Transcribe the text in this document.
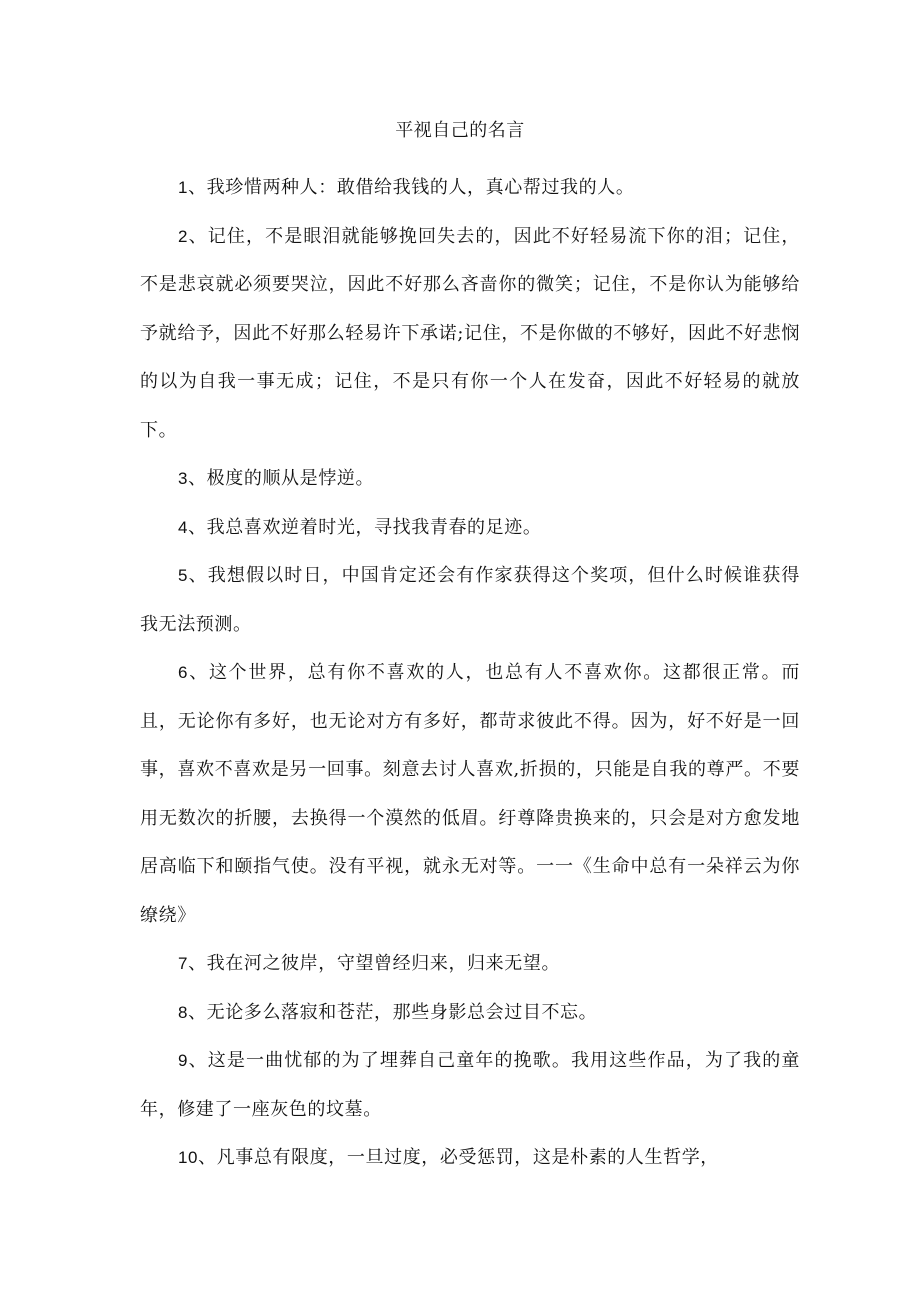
平视自己的名言

1、我珍惜两种人：敢借给我钱的人，真心帮过我的人。

2、记住，不是眼泪就能够挽回失去的，因此不好轻易流下你的泪；记住，不是悲哀就必须要哭泣，因此不好那么吝啬你的微笑；记住，不是你认为能够给予就给予，因此不好那么轻易许下承诺;记住，不是你做的不够好，因此不好悲悯的以为自我一事无成；记住，不是只有你一个人在发奋，因此不好轻易的就放下。

3、极度的顺从是悖逆。

4、我总喜欢逆着时光，寻找我青春的足迹。

5、我想假以时日，中国肯定还会有作家获得这个奖项，但什么时候谁获得我无法预测。

6、这个世界，总有你不喜欢的人，也总有人不喜欢你。这都很正常。而且，无论你有多好，也无论对方有多好，都苛求彼此不得。因为，好不好是一回事，喜欢不喜欢是另一回事。刻意去讨人喜欢,折损的，只能是自我的尊严。不要用无数次的折腰，去换得一个漠然的低眉。纡尊降贵换来的，只会是对方愈发地居高临下和颐指气使。没有平视，就永无对等。一一《生命中总有一朵祥云为你缭绕》

7、我在河之彼岸，守望曾经归来，归来无望。

8、无论多么落寂和苍茫，那些身影总会过目不忘。

9、这是一曲忧郁的为了埋葬自己童年的挽歌。我用这些作品，为了我的童年，修建了一座灰色的坟墓。

10、凡事总有限度，一旦过度，必受惩罚，这是朴素的人生哲学，
